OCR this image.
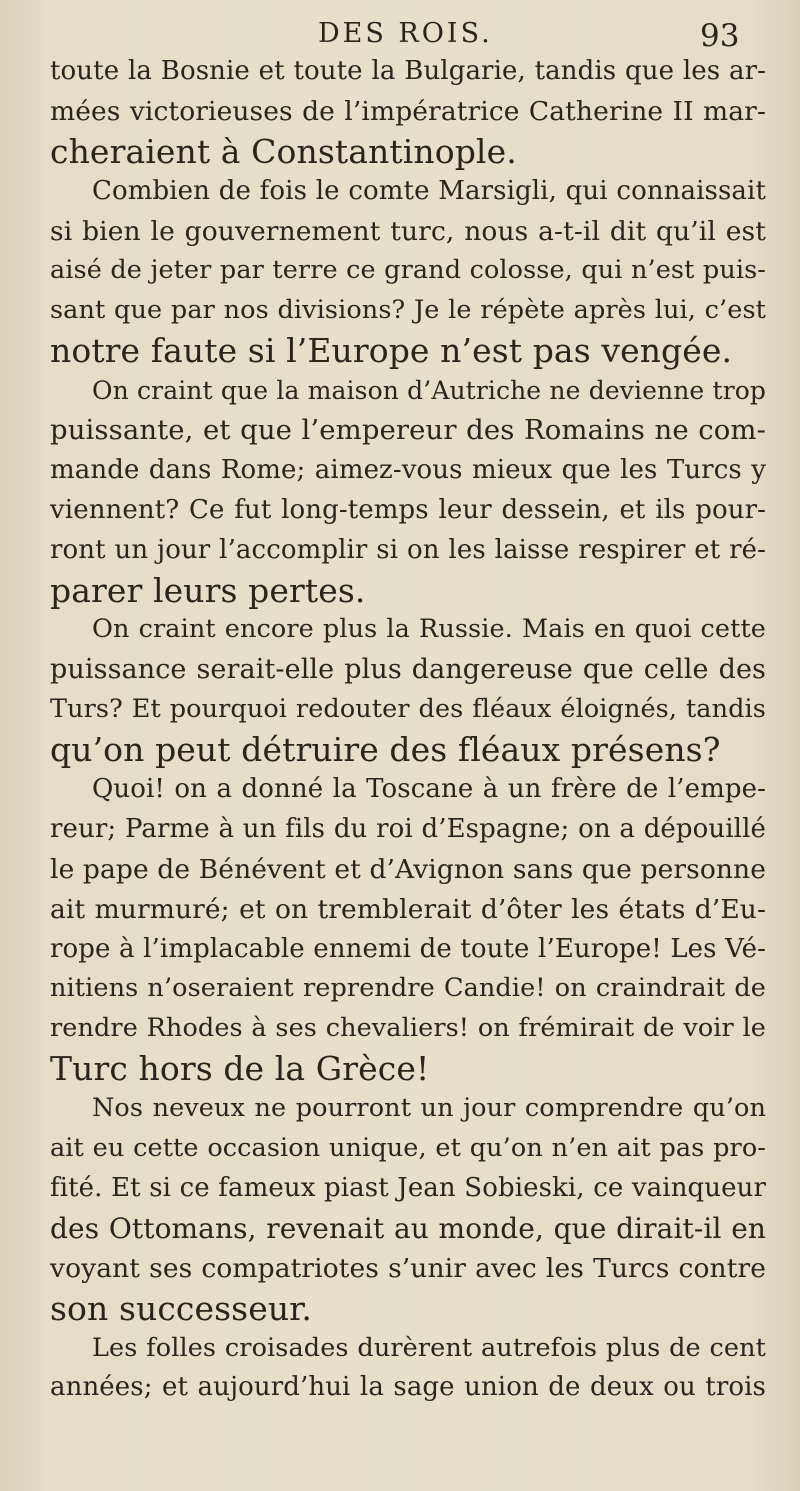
DES ROIS.	93
toute la Bosnie et toute la Bulgarie, tandis que les ar-
mées victorieuses de l’impératrice Catherine II mar-
cheraient à Constantinople.
Combien de fois le comte Marsigli, qui connaissait
si bien le gouvernement turc, nous a-t-il dit qu’il est
aisé de jeter par terre ce grand colosse, qui n’est puis-
sant que par nos divisions? Je le répète après lui, c’est
notre faute si l’Europe n’est pas vengée.
On craint que la maison d’Autriche ne devienne trop
puissante, et que l’empereur des Romains ne com-
mande dans Rome; aimez-vous mieux que les Turcs y
viennent? Ce fut long-temps leur dessein, et ils pour-
ront un jour l’accomplir si on les laisse respirer et ré-
parer leurs pertes.
On craint encore plus la Russie. Mais en quoi cette
puissance serait-elle plus dangereuse que celle des
Turs? Et pourquoi redouter des fléaux éloignés, tandis
qu’on peut détruire des fléaux présens?
Quoi! on a donné la Toscane à un frère de l’empe-
reur; Parme à un fils du roi d’Espagne; on a dépouillé
le pape de Bénévent et d’Avignon sans que personne
ait murmuré; et on tremblerait d’ôter les états d’Eu-
rope à l’implacable ennemi de toute l’Europe! Les Vé-
nitiens n’oseraient reprendre Candie! on craindrait de
rendre Rhodes à ses chevaliers! on frémirait de voir le
Turc hors de la Grèce!
Nos neveux ne pourront un jour comprendre qu’on
ait eu cette occasion unique, et qu’on n’en ait pas pro-
fité. Et si ce fameux piast Jean Sobieski, ce vainqueur
des Ottomans, revenait au monde, que dirait-il en
voyant ses compatriotes s’unir avec les Turcs contre
son successeur.
Les folles croisades durèrent autrefois plus de cent
années; et aujourd’hui la sage union de deux ou trois
